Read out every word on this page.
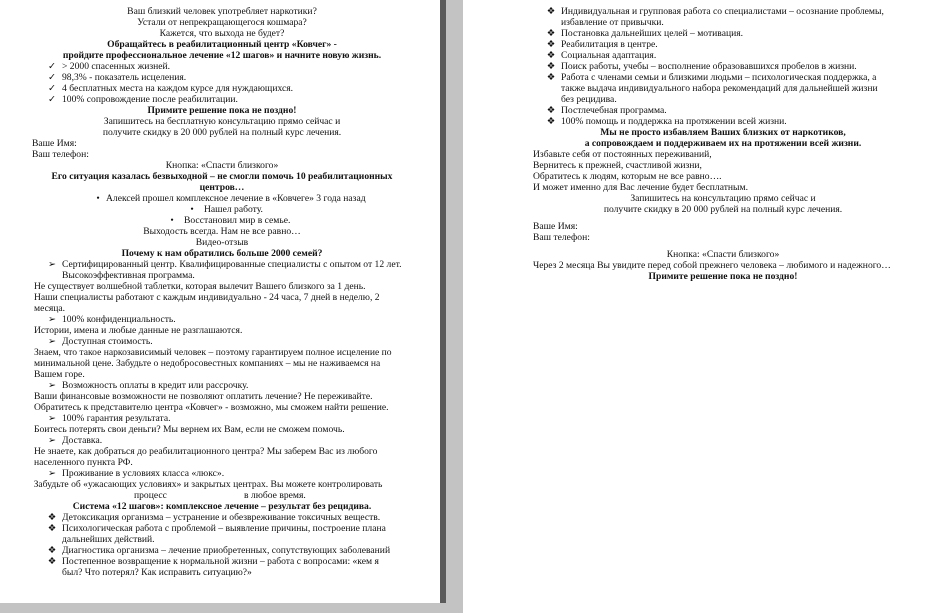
Ваш близкий человек употребляет наркотики?
Устали от непрекращающегося кошмара?
Кажется, что выхода не будет?
Обращайтесь в реабилитационный центр «Ковчег» -
пройдите профессиональное лечение «12 шагов» и начните новую жизнь.
✓ > 2000 спасенных жизней.
✓ 98,3% - показатель исцеления.
✓ 4 бесплатных места на каждом курсе для нуждающихся.
✓ 100% сопровождение после реабилитации.
Примите решение пока не поздно!
Запишитесь на бесплатную консультацию прямо сейчас и
получите скидку в 20 000 рублей на полный курс лечения.
Ваше Имя:
Ваш телефон:
Кнопка: «Спасти близкого»
Его ситуация казалась безвыходной – не смогли помочь 10 реабилитационных
центров…
• Алексей прошел комплексное лечение в «Ковчеге» 3 года назад
•	Нашел работу.
•	Восстановил мир в семье.
Выходость всегда. Нам не все равно…
Видео-отзыв
Почему к нам обратились больше 2000 семей?
➢ Сертифицированный центр. Квалифицированные специалисты с опытом от 12 лет.
Высокоэффективная программа.
Не существует волшебной таблетки, которая вылечит Вашего близкого за 1 день.
Наши специалисты работают с каждым индивидуально - 24 часа, 7 дней в неделю, 2
месяца.
➢ 100% конфиденциальность.
Истории, имена и любые данные не разглашаются.
➢ Доступная стоимость.
Знаем, что такое наркозависимый человек – поэтому гарантируем полное исцеление по
минимальной цене. Забудьте о недобросовестных компаниях – мы не наживаемся на
Вашем горе.
➢ Возможность оплаты в кредит или рассрочку.
Ваши финансовые возможности не позволяют оплатить лечение? Не переживайте.
Обратитесь к представителю центра «Ковчег» - возможно, мы сможем найти решение.
➢ 100% гарантия результата.
Боитесь потерять свои деньги? Мы вернем их Вам, если не сможем помочь.
➢ Доставка.
Не знаете, как добраться до реабилитационного центра? Мы заберем Вас из любого
населенного пункта РФ.
➢ Проживание в условиях класса «люкс».
Забудьте об «ужасающих условиях» и закрытых центрах. Вы можете контролировать
процесс	в любое время.
Система «12 шагов»: комплексное лечение – результат без рецидива.
❖ Детоксикация организма – устранение и обезвреживание токсичных веществ.
❖ Психологическая работа с проблемой – выявление причины, построение плана
дальнейших действий.
❖ Диагностика организма – лечение приобретенных, сопутствующих заболеваний
❖ Постепенное возвращение к нормальной жизни – работа с вопросами: «кем я
был? Что потерял? Как исправить ситуацию?»
❖ Индивидуальная и групповая работа со специалистами – осознание проблемы,
избавление от привычки.
❖ Постановка дальнейших целей – мотивация.
❖ Реабилитация в центре.
❖ Социальная адаптация.
❖ Поиск работы, учебы – восполнение образовавшихся пробелов в жизни.
❖ Работа с членами семьи и близкими людьми – психологическая поддержка, а
также выдача индивидуального набора рекомендаций для дальнейшей жизни
без рецидива.
❖ Постлечебная программа.
❖ 100% помощь и поддержка на протяжении всей жизни.
Мы не просто избавляем Ваших близких от наркотиков,
а сопровождаем и поддерживаем их на протяжении всей жизни.
Избавьте себя от постоянных переживаний,
Вернитесь к прежней, счастливой жизни,
Обратитесь к людям, которым не все равно….
И может именно для Вас лечение будет бесплатным.
Запишитесь на консультацию прямо сейчас и
получите скидку в 20 000 рублей на полный курс лечения.
Ваше Имя:
Ваш телефон:
Кнопка: «Спасти близкого»
Через 2 месяца Вы увидите перед собой прежнего человека – любимого и надежного…
Примите решение пока не поздно!
